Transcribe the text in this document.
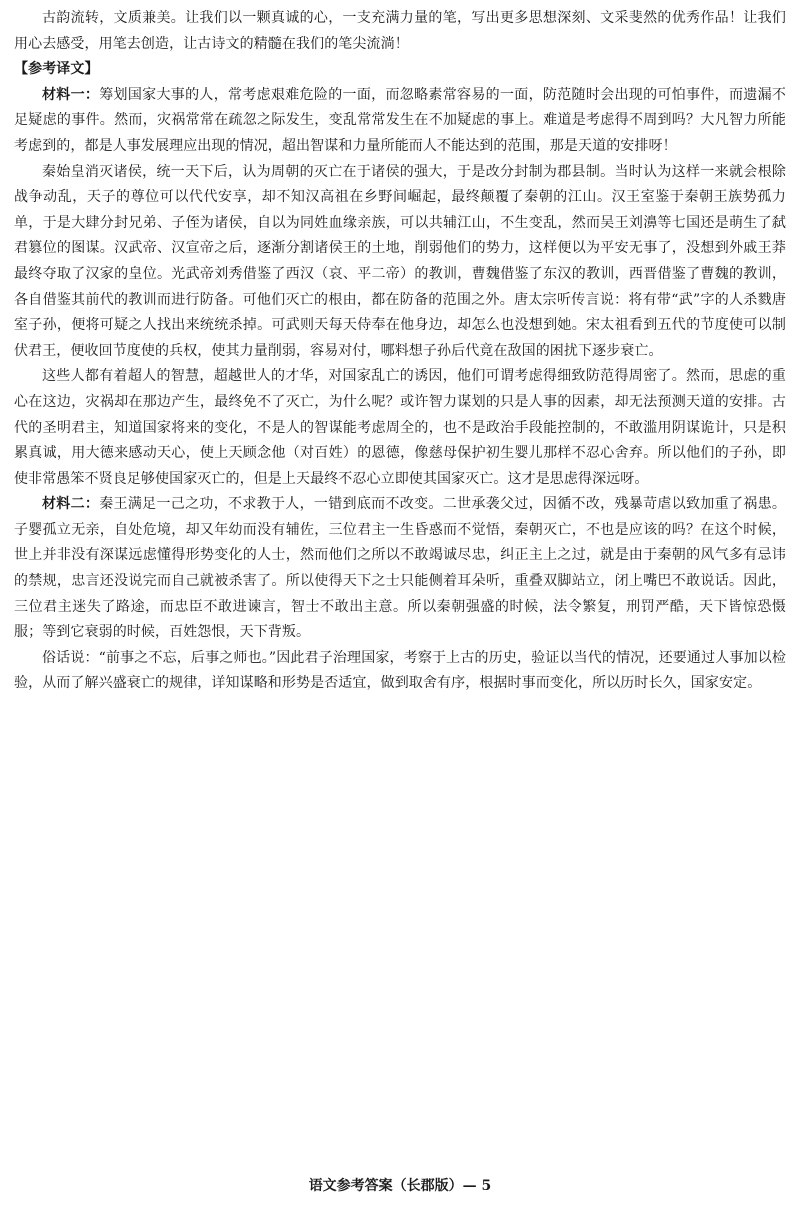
古韵流转，文质兼美。让我们以一颗真诚的心，一支充满力量的笔，写出更多思想深刻、文采斐然的优秀作品！让我们用心去感受，用笔去创造，让古诗文的精髓在我们的笔尖流淌！

【参考译文】

材料一：筹划国家大事的人，常考虑艰难危险的一面，而忽略素常容易的一面，防范随时会出现的可怕事件，而遗漏不足疑虑的事件。然而，灾祸常常在疏忽之际发生，变乱常常发生在不加疑虑的事上。难道是考虑得不周到吗？大凡智力所能考虑到的，都是人事发展理应出现的情况，超出智谋和力量所能而人不能达到的范围，那是天道的安排呀！

秦始皇消灭诸侯，统一天下后，认为周朝的灭亡在于诸侯的强大，于是改分封制为郡县制。当时认为这样一来就会根除战争动乱，天子的尊位可以代代安享，却不知汉高祖在乡野间崛起，最终颠覆了秦朝的江山。汉王室鉴于秦朝王族势孤力单，于是大肆分封兄弟、子侄为诸侯，自以为同姓血缘亲族，可以共辅江山，不生变乱，然而吴王刘濞等七国还是萌生了弑君篡位的图谋。汉武帝、汉宣帝之后，逐渐分割诸侯王的土地，削弱他们的势力，这样便以为平安无事了，没想到外戚王莽最终夺取了汉家的皇位。光武帝刘秀借鉴了西汉（哀、平二帝）的教训，曹魏借鉴了东汉的教训，西晋借鉴了曹魏的教训，各自借鉴其前代的教训而进行防备。可他们灭亡的根由，都在防备的范围之外。唐太宗听传言说：将有带“武”字的人杀戮唐室子孙，便将可疑之人找出来统统杀掉。可武则天每天侍奉在他身边，却怎么也没想到她。宋太祖看到五代的节度使可以制伏君王，便收回节度使的兵权，使其力量削弱，容易对付，哪料想子孙后代竟在敌国的困扰下逐步衰亡。

这些人都有着超人的智慧，超越世人的才华，对国家乱亡的诱因，他们可谓考虑得细致防范得周密了。然而，思虑的重心在这边，灾祸却在那边产生，最终免不了灭亡，为什么呢？或许智力谋划的只是人事的因素，却无法预测天道的安排。古代的圣明君主，知道国家将来的变化，不是人的智谋能考虑周全的，也不是政治手段能控制的，不敢滥用阴谋诡计，只是积累真诚，用大德来感动天心，使上天顾念他（对百姓）的恩德，像慈母保护初生婴儿那样不忍心舍弃。所以他们的子孙，即使非常愚笨不贤良足够使国家灭亡的，但是上天最终不忍心立即使其国家灭亡。这才是思虑得深远呀。

材料二：秦王满足一己之功，不求教于人，一错到底而不改变。二世承袭父过，因循不改，残暴苛虐以致加重了祸患。子婴孤立无亲，自处危境，却又年幼而没有辅佐，三位君主一生昏惑而不觉悟，秦朝灭亡，不也是应该的吗？在这个时候，世上并非没有深谋远虑懂得形势变化的人士，然而他们之所以不敢竭诚尽忠，纠正主上之过，就是由于秦朝的风气多有忌讳的禁规，忠言还没说完而自己就被杀害了。所以使得天下之士只能侧着耳朵听，重叠双脚站立，闭上嘴巴不敢说话。因此，三位君主迷失了路途，而忠臣不敢进谏言，智士不敢出主意。所以秦朝强盛的时候，法令繁复，刑罚严酷，天下皆惊恐慑服；等到它衰弱的时候，百姓怨恨，天下背叛。

俗话说：“前事之不忘，后事之师也。”因此君子治理国家，考察于上古的历史，验证以当代的情况，还要通过人事加以检验，从而了解兴盛衰亡的规律，详知谋略和形势是否适宜，做到取舍有序，根据时事而变化，所以历时长久，国家安定。

语文参考答案（长郡版）— 5
